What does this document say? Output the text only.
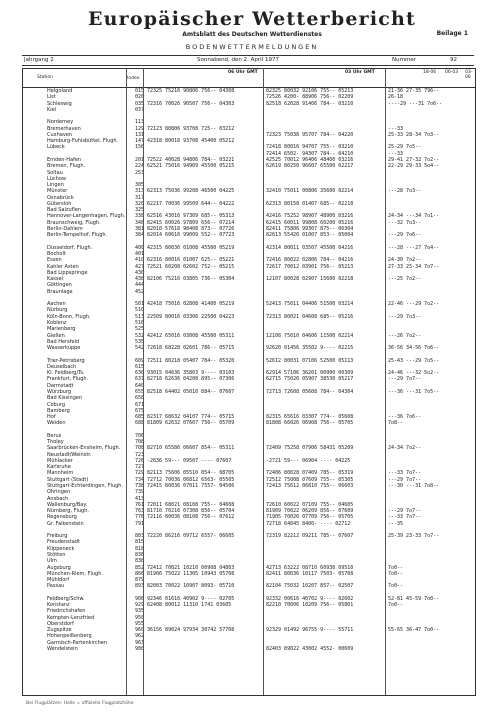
Europäischer Wetterbericht
Amtsblatt des Deutschen Wetterdienstes	Beilage 1
BODENWETTERMELDUNGEN
Jahrgang 2	Sonnabend, den 2. April 1977	Nummer	92
Station	Index
06 Uhr GMT	03 Uhr GMT	18-06 06-03 03-06
Helgoland	015 72325 75216 90806 756-- 04308	82325 80032 92106 755-- 05213	21-36 27-35 796--
List	020	72526 4200- 88906 756-- 02209	26-18
Schleswig	035 72316 70026 90507 756-- 04303	82518 62028 91406 784-- 03210	----29 ---31 7o6--
Kiel	037
Norderney	113
Bremerhaven	129 72123 80806 93708 725-- 03212	---33
Cuxhaven	131	72323 75038 95707 784-- 04220	25-33 28-34 7o3--
Hamburg-Fuhlsbüttel, Flugh.	147 42318 80016 93708 45400 05212
Lübeck	156	72418 80016 94707 755-- 03210	25-29 7o5--
72414 6502- 94307 784-- 04210	---33
Emden-Hafen	201 72522 40028 94806 784-- 03221	42525 70012 96406 48400 03216	29-41 27-32 7o2--
Bremen, Flugh.	224 62521 75016 94909 45500 05215	62619 80250 96607 65500 02217	22-29 29-33 5o4--
Soltau	253
Lüchow
Lingen	305
Münster	313 62313 75036 99208 46500 04225	32410 75011 00806 35600 02214	---28 7o3--
Osnabrück	317
Gütersloh	320 62217 70036 99509 644-- 04222	62313 80158 01407 685-- 02218
Bad Salzuflen	325
Hannover-Langenhagen, Flugh.	338 62516 43016 97309 685-- 05313	42416 75252 98907 48900 03216	24-34 ---34 7o1--
Braunschweig, Flugh.	348 82415 60026 97809 656-- 07214	62415 60011 99808 60200 05216	---32 7o3--
Berlin-Dahlem	381 82010 57616 98408 873-- 07726	82411 75806 99307 875-- 06304
Berlin-Tempelhof, Flugh.	384 82014 60616 99009 552-- 07723	82613 55426 01007 853-- 05004	---29 7o6--
Düsseldorf, Flugh.	400 42315 80036 01008 45500 05219	42314 80011 03507 45500 04216	---28 ---27 7o4--
Bocholt	401
Essen	410 62316 80016 01007 625-- 05221	72416 80022 02806 784-- 04216	24-30 7o2--
Kahler Asten	427 72521 60208 02602 752-- 05215	72617 70012 03901 756-- 05213	27-33 25-34 7o7--
Bad Lippspringe	430
Kassel	438 82106 75216 03805 736-- 05304	12107 80028 02907 15600 02218	---25 7o2--
Göttingen	444
Braunlage	452
Aachen	501 42418 75016 02808 41400 05219	52413 75011 04406 51500 03214	22-46 ---29 7o2--
Nürburg	510
Köln-Bonn, Flugh.	513 22509 80016 03306 22500 04223	72313 80021 04608 685-- 05216	---29 7o3--
Koblenz	516
Marienberg	525
Gießen	532 42412 65016 03008 45500 05311	12108 75010 04606 11500 02214	---26 7o2--
Bad Hersfeld	535
Wasserkuppe	542 72618 68228 02601 786-- 05715	92620 01456 35502 9---- 02215	36-56 34-56 7o6--
Trier-Petrisberg	609 72511 80218 05407 784-- 05320	52612 80031 07106 52500 05113	25-43 ---29 7o5--
Deuselbach	615
Kl. Feldberg/Ts.	630 93015 04636 35803 9---- 03103	62914 57106 36201 00900 00309	24-46 ---32 5o2--
Frankfurt, Flugh.	637 82718 62636 04208 895-- 07306	62715 75026 05907 38530 05217	---29 7o7--
Darmstadt	640
Würzburg	655 82518 64402 05010 884-- 07607	72713 72608 05608 784-- 04304	---36 ---31 7o5--
Bad Kissingen	658
Coburg	671
Bamberg	675
Hof	685 82317 68632 04107 774-- 05715	82315 65616 03307 774-- 05608	---36 7o6--
Weiden	688 81809 62632 07607 756-- 05709	81808 66026 06908 756-- 05705	7o8--
Berus	706
Tholey	708
Saarbrücken-Ensheim, Flugh.	708 82710 65586 06607 854-- 05311	72409 75258 07906 58431 05209	24-34 7o2--
Neustadt/Weinstr.	723
Mühlacker	726 -2636 59--- 09507 ---- 07607	-2721 59--- 06904 ---- 04225
Karlsruhe	727
Mannheim	729 82113 75606 05510 854-- 08705	72406 80028 07409 785-- 05319	---33 7o7--
Stuttgart (Stadt)	734 72712 70036 06812 6563- 05505	72512 75008 07609 755-- 05305	---29 7o7--
Stuttgart-Echterdingen, Flugh.	738 72415 80036 07011 7557- 04506	72413 75612 06810 755-- 06603	---30 ---31 7o8--
Öhringen	739
Ansbach	413
Wallenburg/Bay.	761 72011 68021 08108 755-- 04608	72610 60022 07109 755-- 04605
Nürnberg, Flugh.	763 81710 70216 07308 856-- 05704	81909 70022 06209 856-- 07609	---29 7o7--
Regensburg	776 72116 80036 08108 756-- 07612	71905 70026 07709 756-- 05705	---33 7o7--
Gr. Falkenstein	791	72718 64045 8400- ---- 02712	---35
Freiburg	803 72220 86216 09712 6557- 06605	72319 82212 09211 785-- 07607	25-39 23-33 7o7--
Freudenstadt	815
Klippeneck	818
Stötten	836
Ulm	838
Augsburg	852 72412 70021 10210 00908 04803	42713 63222 08710 60930 09510	7o0--
München-Riem, Flugh.	866 81906 75022 11305 10943 05708	82411 80036 10117 7503- 05708	7o0--
Mühldorf	879
Passau	893 82003 70022 10907 8093- 05710	82104 75032 10207 857-- 02507	7o0--
Feldberg/Schw.	908 92346 01616 40902 9---- 02705	92332 00616 40702 9---- 02602	52-81 45-59 7o0--
Konstanz	929 62408 80012 11310 1741 03605	82210 70606 10209 756-- 05801	7o0--
Friedrichshafen	935
Kempten-Lenzfried	950
Oberstdorf	955
Zugspitze	960 36156 89024 97934 30742 57708	92329 01492 96755 9---- 55711	55-65 36-47 7o0--
Hohenpeißenberg	962
Garmisch-Partenkirchen	963
Wendelstein	980	82403 89022 43002 4552- 00609
Bei Flugplätzen: Halle = offizielle Flugplatzhöhe
